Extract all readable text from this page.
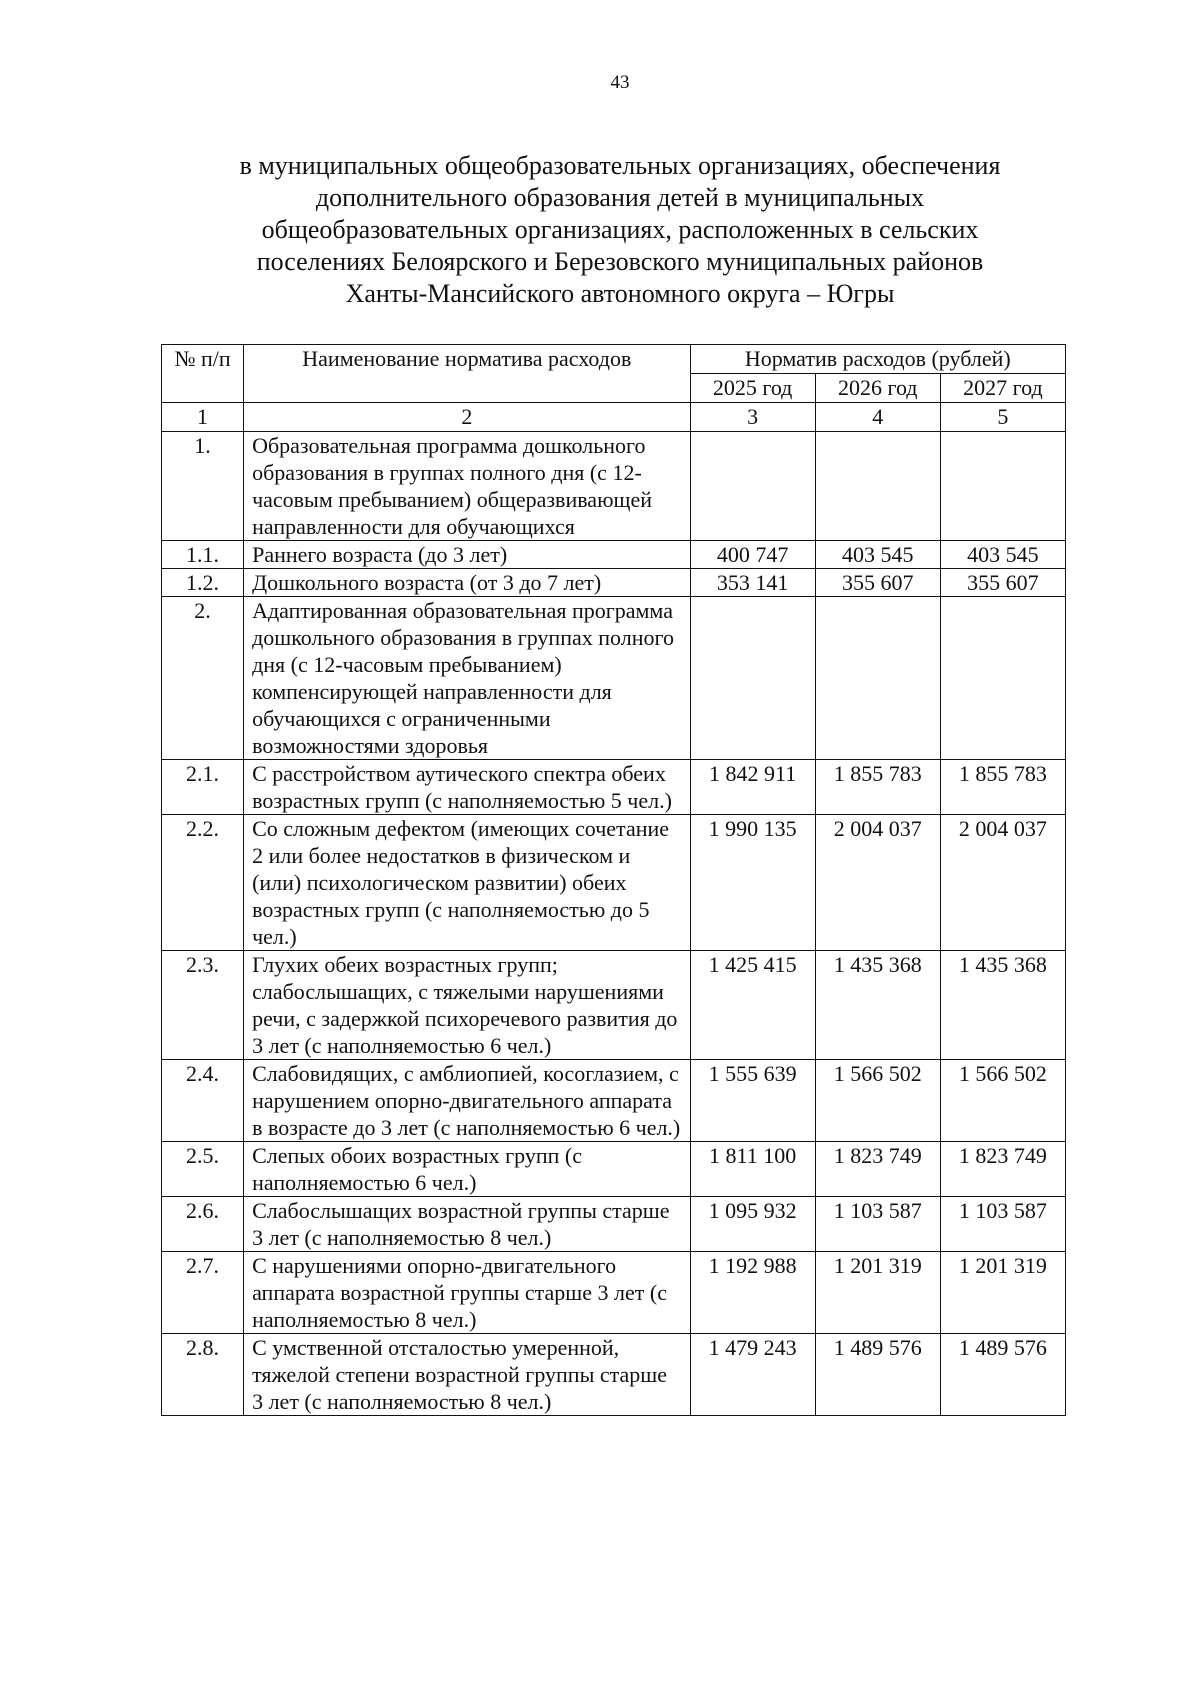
43
в муниципальных общеобразовательных организациях, обеспечения
дополнительного образования детей в муниципальных
общеобразовательных организациях, расположенных в сельских
поселениях Белоярского и Березовского муниципальных районов
Ханты-Мансийского автономного округа – Югры
№ п/п	Наименование норматива расходов	Норматив расходов (рублей)		
		2025 год	2026 год	2027 год
1	2	3	4	5
1.	Образовательная программа дошкольного образования в группах полного дня (с 12-часовым пребыванием) общеразвивающей направленности для обучающихся			
1.1.	Раннего возраста (до 3 лет)	400 747	403 545	403 545
1.2.	Дошкольного возраста (от 3 до 7 лет)	353 141	355 607	355 607
2.	Адаптированная образовательная программа дошкольного образования в группах полного дня (с 12-часовым пребыванием) компенсирующей направленности для обучающихся с ограниченными возможностями здоровья			
2.1.	С расстройством аутического спектра обеих возрастных групп (с наполняемостью 5 чел.)	1 842 911	1 855 783	1 855 783
2.2.	Со сложным дефектом (имеющих сочетание 2 или более недостатков в физическом и (или) психологическом развитии) обеих возрастных групп (с наполняемостью до 5 чел.)	1 990 135	2 004 037	2 004 037
2.3.	Глухих обеих возрастных групп; слабослышащих, с тяжелыми нарушениями речи, с задержкой психоречевого развития до 3 лет (с наполняемостью 6 чел.)	1 425 415	1 435 368	1 435 368
2.4.	Слабовидящих, с амблиопией, косоглазием, с нарушением опорно-двигательного аппарата в возрасте до 3 лет (с наполняемостью 6 чел.)	1 555 639	1 566 502	1 566 502
2.5.	Слепых обоих возрастных групп (с наполняемостью 6 чел.)	1 811 100	1 823 749	1 823 749
2.6.	Слабослышащих возрастной группы старше 3 лет (с наполняемостью 8 чел.)	1 095 932	1 103 587	1 103 587
2.7.	С нарушениями опорно-двигательного аппарата возрастной группы старше 3 лет (с наполняемостью 8 чел.)	1 192 988	1 201 319	1 201 319
2.8.	С умственной отсталостью умеренной, тяжелой степени возрастной группы старше 3 лет (с наполняемостью 8 чел.)	1 479 243	1 489 576	1 489 576
